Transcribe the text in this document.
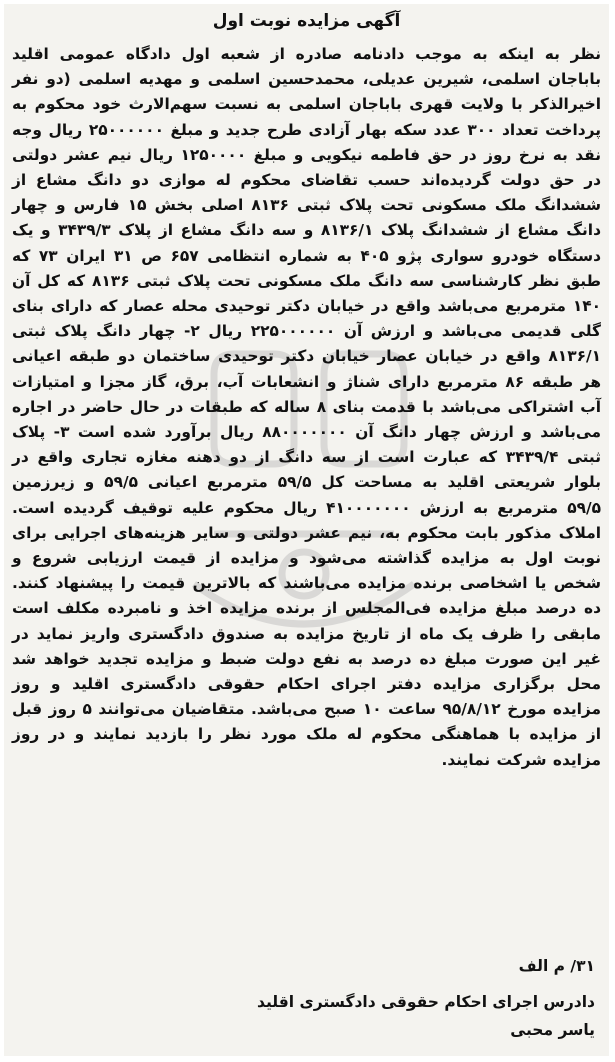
آگهی مزایده نوبت اول

نظر به اینکه به موجب دادنامه صادره از شعبه اول دادگاه عمومی اقلید باباجان اسلمی، شیرین عدیلی، محمدحسین اسلمی و مهدیه اسلمی (دو نفر اخیرالذکر با ولایت قهری باباجان اسلمی به نسبت سهم‌الارث خود محکوم به پرداخت تعداد ۳۰۰ عدد سکه بهار آزادی طرح جدید و مبلغ ۲۵۰۰۰۰۰۰ ریال وجه نقد به نرخ روز در حق فاطمه نیکویی و مبلغ ۱۲۵۰۰۰۰ ریال نیم عشر دولتی در حق دولت گردیده‌اند حسب تقاضای محکوم له موازی دو دانگ مشاع از ششدانگ ملک مسکونی تحت پلاک ثبتی ۸۱۳۶ اصلی بخش ۱۵ فارس و چهار دانگ مشاع از ششدانگ پلاک ۸۱۳۶/۱ و سه دانگ مشاع از پلاک ۳۴۳۹/۳ و یک دستگاه خودرو سواری پژو ۴۰۵ به شماره انتظامی ۶۵۷ ص ۳۱ ایران ۷۳ که طبق نظر کارشناسی سه دانگ ملک مسکونی تحت پلاک ثبتی ۸۱۳۶ که کل آن ۱۴۰ مترمربع می‌باشد واقع در خیابان دکتر توحیدی محله عصار که دارای بنای گلی قدیمی می‌باشد و ارزش آن ۲۲۵۰۰۰۰۰۰ ریال ۲- چهار دانگ پلاک ثبتی ۸۱۳۶/۱ واقع در خیابان عصار خیابان دکتر توحیدی ساختمان دو طبقه اعیانی هر طبقه ۸۶ مترمربع دارای شناژ و انشعابات آب، برق، گاز مجزا و امتیازات آب اشتراکی می‌باشد با قدمت بنای ۸ ساله که طبقات در حال حاضر در اجاره می‌باشد و ارزش چهار دانگ آن ۸۸۰۰۰۰۰۰۰ ریال برآورد شده است ۳- پلاک ثبتی ۳۴۳۹/۴ که عبارت است از سه دانگ از دو دهنه مغازه تجاری واقع در بلوار شریعتی اقلید به مساحت کل ۵۹/۵ مترمربع اعیانی ۵۹/۵ و زیرزمین ۵۹/۵ مترمربع به ارزش ۴۱۰۰۰۰۰۰۰ ریال محکوم علیه توقیف گردیده است. املاک مذکور بابت محکوم به، نیم عشر دولتی و سایر هزینه‌های اجرایی برای نوبت اول به مزایده گذاشته می‌شود و مزایده از قیمت ارزیابی شروع و شخص یا اشخاصی برنده مزایده می‌باشند که بالاترین قیمت را پیشنهاد کنند. ده درصد مبلغ مزایده فی‌المجلس از برنده مزایده اخذ و نامبرده مکلف است مابقی را ظرف یک ماه از تاریخ مزایده به صندوق دادگستری واریز نماید در غیر این صورت مبلغ ده درصد به نفع دولت ضبط و مزایده تجدید خواهد شد محل برگزاری مزایده دفتر اجرای احکام حقوقی دادگستری اقلید و روز مزایده مورخ ۹۵/۸/۱۲ ساعت ۱۰ صبح می‌باشد. متقاضیان می‌توانند ۵ روز قبل از مزایده با هماهنگی محکوم له ملک مورد نظر را بازدید نمایند و در روز مزایده شرکت نمایند.

۳۱/ م الف
دادرس اجرای احکام حقوقی دادگستری اقلید
یاسر محبی
